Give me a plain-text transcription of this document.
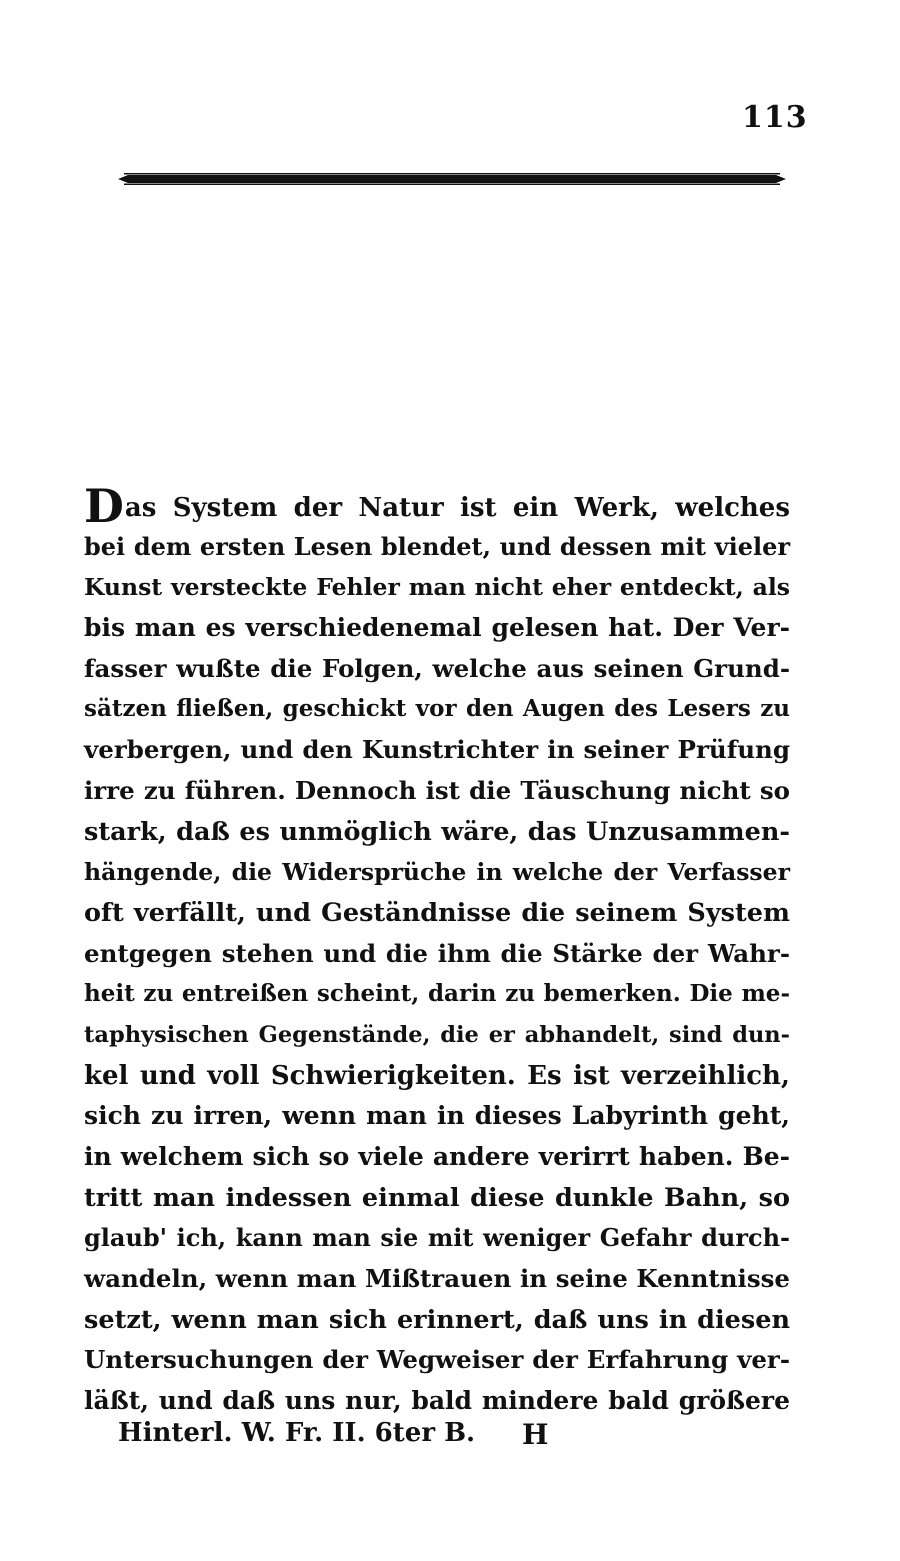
113
Das System der Natur ist ein Werk, welches
bei dem ersten Lesen blendet, und dessen mit vieler
Kunst versteckte Fehler man nicht eher entdeckt, als
bis man es verschiedenemal gelesen hat. Der Ver-
fasser wußte die Folgen, welche aus seinen Grund-
sätzen fließen, geschickt vor den Augen des Lesers zu
verbergen, und den Kunstrichter in seiner Prüfung
irre zu führen. Dennoch ist die Täuschung nicht so
stark, daß es unmöglich wäre, das Unzusammen-
hängende, die Widersprüche in welche der Verfasser
oft verfällt, und Geständnisse die seinem System
entgegen stehen und die ihm die Stärke der Wahr-
heit zu entreißen scheint, darin zu bemerken. Die me-
taphysischen Gegenstände, die er abhandelt, sind dun-
kel und voll Schwierigkeiten. Es ist verzeihlich,
sich zu irren, wenn man in dieses Labyrinth geht,
in welchem sich so viele andere verirrt haben. Be-
tritt man indessen einmal diese dunkle Bahn, so
glaub' ich, kann man sie mit weniger Gefahr durch-
wandeln, wenn man Mißtrauen in seine Kenntnisse
setzt, wenn man sich erinnert, daß uns in diesen
Untersuchungen der Wegweiser der Erfahrung ver-
läßt, und daß uns nur, bald mindere bald größere
Hinterl. W. Fr. II. 6ter B. H
